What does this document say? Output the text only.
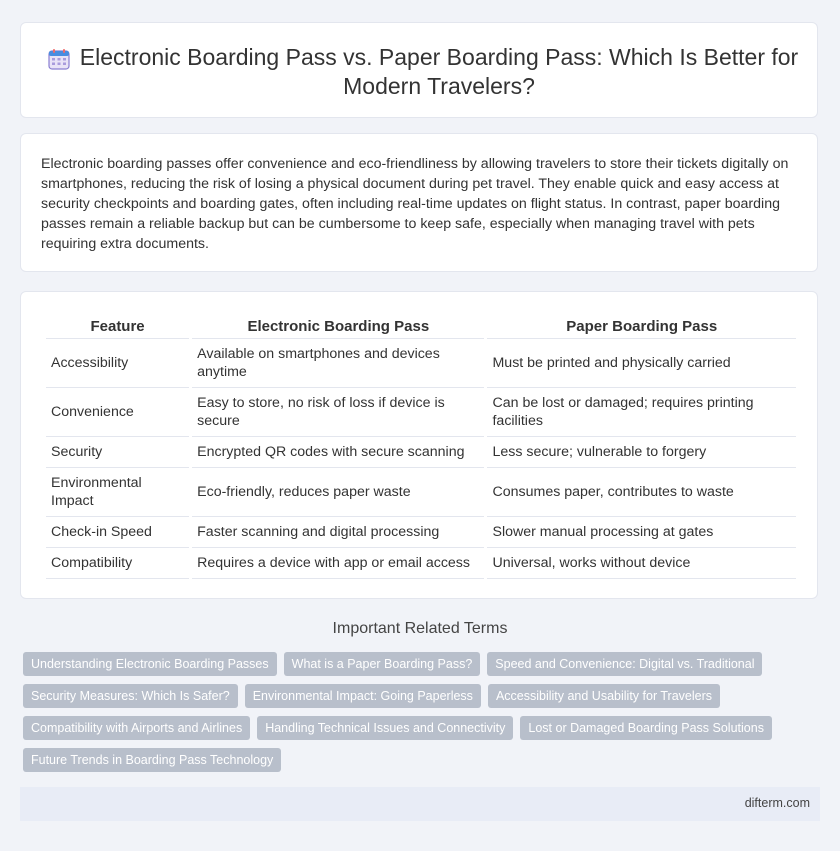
Electronic Boarding Pass vs. Paper Boarding Pass: Which Is Better for Modern Travelers?

Electronic boarding passes offer convenience and eco-friendliness by allowing travelers to store their tickets digitally on smartphones, reducing the risk of losing a physical document during pet travel. They enable quick and easy access at security checkpoints and boarding gates, often including real-time updates on flight status. In contrast, paper boarding passes remain a reliable backup but can be cumbersome to keep safe, especially when managing travel with pets requiring extra documents.

Feature	Electronic Boarding Pass	Paper Boarding Pass
Accessibility	Available on smartphones and devices anytime	Must be printed and physically carried
Convenience	Easy to store, no risk of loss if device is secure	Can be lost or damaged; requires printing facilities
Security	Encrypted QR codes with secure scanning	Less secure; vulnerable to forgery
Environmental Impact	Eco-friendly, reduces paper waste	Consumes paper, contributes to waste
Check-in Speed	Faster scanning and digital processing	Slower manual processing at gates
Compatibility	Requires a device with app or email access	Universal, works without device
Important Related Terms
Understanding Electronic Boarding Passes	What is a Paper Boarding Pass?	Speed and Convenience: Digital vs. Traditional
Security Measures: Which Is Safer?	Environmental Impact: Going Paperless	Accessibility and Usability for Travelers
Compatibility with Airports and Airlines	Handling Technical Issues and Connectivity	Lost or Damaged Boarding Pass Solutions
Future Trends in Boarding Pass Technology
difterm.com
